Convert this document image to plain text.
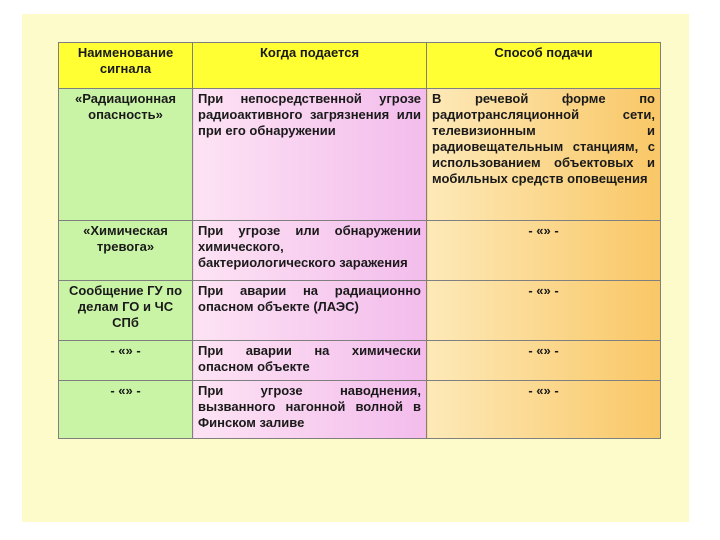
Наименование сигнала	Когда подается	Способ подачи
«Радиационная опасность»	При непосредственной угрозе радиоактивного загрязнения или при его обнаружении	В речевой форме по радиотрансляционной сети, телевизионным и радиовещательным станциям, с использованием объектовых и мобильных средств оповещения
«Химическая тревога»	При угрозе или обнаружении химического, бактериологического заражения	- «» -
Сообщение ГУ по делам ГО и ЧС СПб	При аварии на радиационно опасном объекте (ЛАЭС)	- «» -
- «» -	При аварии на химически опасном объекте	- «» -
- «» -	При угрозе наводнения, вызванного нагонной волной в Финском заливе	- «» -
